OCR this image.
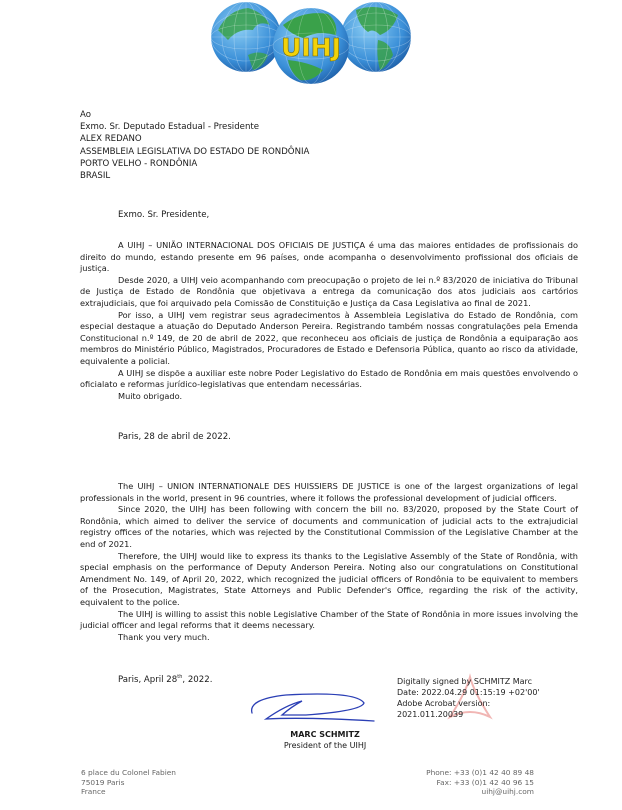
UIHJ
Ao
Exmo. Sr. Deputado Estadual - Presidente
ALEX REDANO
ASSEMBLEIA LEGISLATIVA DO ESTADO DE RONDÔNIA
PORTO VELHO - RONDÔNIA
BRASIL
Exmo. Sr. Presidente,

A UIHJ – UNIÃO INTERNACIONAL DOS OFICIAIS DE JUSTIÇA é uma das maiores entidades de profissionais do direito do mundo, estando presente em 96 países, onde acompanha o desenvolvimento profissional dos oficiais de justiça.

Desde 2020, a UIHJ veio acompanhando com preocupação o projeto de lei n.º 83/2020 de iniciativa do Tribunal de Justiça de Estado de Rondônia que objetivava a entrega da comunicação dos atos judiciais aos cartórios extrajudiciais, que foi arquivado pela Comissão de Constituição e Justiça da Casa Legislativa ao final de 2021.

Por isso, a UIHJ vem registrar seus agradecimentos à Assembleia Legislativa do Estado de Rondônia, com especial destaque a atuação do Deputado Anderson Pereira. Registrando também nossas congratulações pela Emenda Constitucional n.º 149, de 20 de abril de 2022, que reconheceu aos oficiais de justiça de Rondônia a equiparação aos membros do Ministério Público, Magistrados, Procuradores de Estado e Defensoria Pública, quanto ao risco da atividade, equivalente a policial.

A UIHJ se dispõe a auxiliar este nobre Poder Legislativo do Estado de Rondônia em mais questões envolvendo o oficialato e reformas jurídico-legislativas que entendam necessárias.

Muito obrigado.

Paris, 28 de abril de 2022.

The UIHJ – UNION INTERNATIONALE DES HUISSIERS DE JUSTICE is one of the largest organizations of legal professionals in the world, present in 96 countries, where it follows the professional development of judicial officers.

Since 2020, the UIHJ has been following with concern the bill no. 83/2020, proposed by the State Court of Rondônia, which aimed to deliver the service of documents and communication of judicial acts to the extrajudicial registry offices of the notaries, which was rejected by the Constitutional Commission of the Legislative Chamber at the end of 2021.

Therefore, the UIHJ would like to express its thanks to the Legislative Assembly of the State of Rondônia, with special emphasis on the performance of Deputy Anderson Pereira. Noting also our congratulations on Constitutional Amendment No. 149, of April 20, 2022, which recognized the judicial officers of Rondônia to be equivalent to members of the Prosecution, Magistrates, State Attorneys and Public Defender's Office, regarding the risk of the activity, equivalent to the police.

The UIHJ is willing to assist this noble Legislative Chamber of the State of Rondônia in more issues involving the judicial officer and legal reforms that it deems necessary.

Thank you very much.

Paris, April 28th, 2022.	Digitally signed by SCHMITZ Marc
Date: 2022.04.29 01:15:19 +02'00'
Adobe Acrobat version:
2021.011.20039
MARC SCHMITZ
President of the UIHJ
6 place du Colonel Fabien
75019 Paris
France
Phone: +33 (0)1 42 40 89 48
Fax: +33 (0)1 42 40 96 15
uihj@uihj.com
